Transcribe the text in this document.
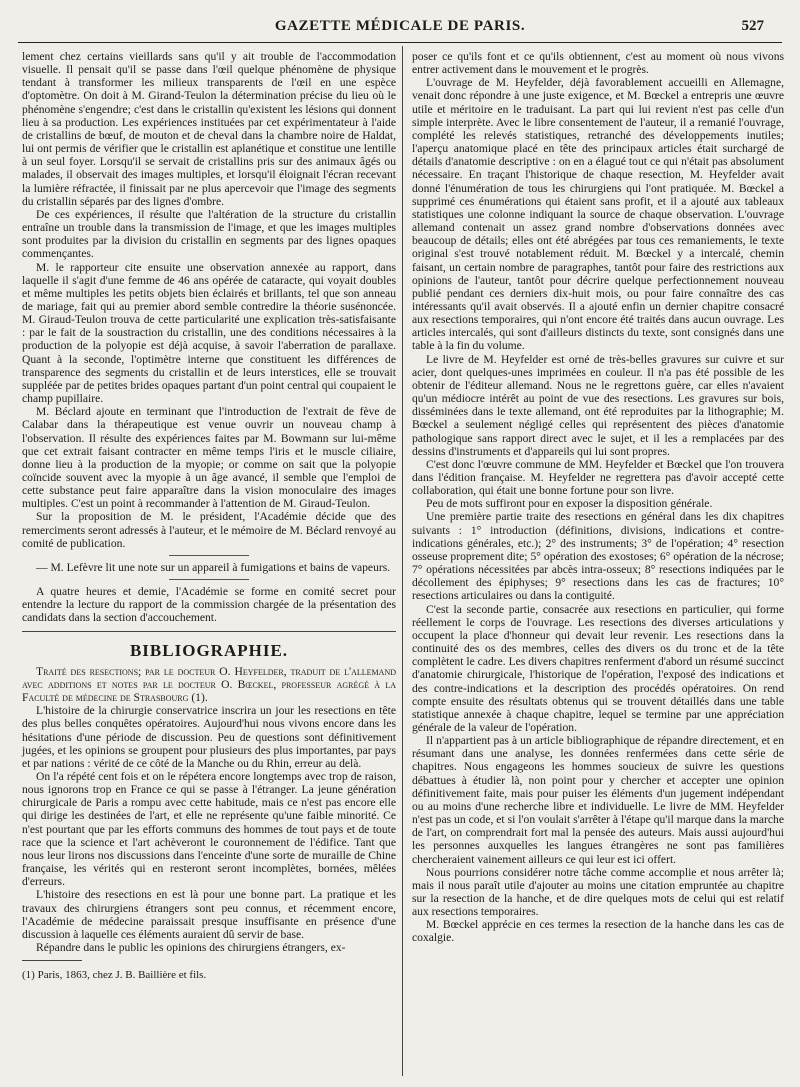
GAZETTE MÉDICALE DE PARIS.	527

lement chez certains vieillards sans qu'il y ait trouble de l'accommodation visuelle. Il pensait qu'il se passe dans l'œil quelque phénomène de physique tendant à transformer les milieux transparents de l'œil en une espèce d'optomètre. On doit à M. Girand-Teulon la détermination précise du lieu où le phénomène s'engendre; c'est dans le cristallin qu'existent les lésions qui donnent lieu à sa production. Les expériences instituées par cet expérimentateur à l'aide de cristallins de bœuf, de mouton et de cheval dans la chambre noire de Haldat, lui ont permis de vérifier que le cristallin est aplanétique et constitue une lentille à un seul foyer. Lorsqu'il se servait de cristallins pris sur des animaux âgés ou malades, il observait des images multiples, et lorsqu'il éloignait l'écran recevant la lumière réfractée, il finissait par ne plus apercevoir que l'image des segments du cristallin séparés par des lignes d'ombre.

De ces expériences, il résulte que l'altération de la structure du cristallin entraîne un trouble dans la transmission de l'image, et que les images multiples sont produites par la division du cristallin en segments par des lignes opaques commençantes.

M. le rapporteur cite ensuite une observation annexée au rapport, dans laquelle il s'agit d'une femme de 46 ans opérée de cataracte, qui voyait doubles et même multiples les petits objets bien éclairés et brillants, tel que son anneau de mariage, fait qui au premier abord semble contredire la théorie susénoncée. M. Giraud-Teulon trouva de cette particularité une explication très-satisfaisante : par le fait de la soustraction du cristallin, une des conditions nécessaires à la production de la polyopie est déjà acquise, à savoir l'aberration de parallaxe. Quant à la seconde, l'optimètre interne que constituent les différences de transparence des segments du cristallin et de leurs interstices, elle se trouvait suppléée par de petites brides opaques partant d'un point central qui coupaient le champ pupillaire.

M. Béclard ajoute en terminant que l'introduction de l'extrait de fève de Calabar dans la thérapeutique est venue ouvrir un nouveau champ à l'observation. Il résulte des expériences faites par M. Bowmann sur lui-même que cet extrait faisant contracter en même temps l'iris et le muscle ciliaire, donne lieu à la production de la myopie; or comme on sait que la polyopie coïncide souvent avec la myopie à un âge avancé, il semble que l'emploi de cette substance peut faire apparaître dans la vision monoculaire des images multiples. C'est un point à recommander à l'attention de M. Giraud-Teulon.

Sur la proposition de M. le président, l'Académie décide que des remerciments seront adressés à l'auteur, et le mémoire de M. Béclard renvoyé au comité de publication.

— M. Lefèvre lit une note sur un appareil à fumigations et bains de vapeurs.

A quatre heures et demie, l'Académie se forme en comité secret pour entendre la lecture du rapport de la commission chargée de la présentation des candidats dans la section d'accouchement.

BIBLIOGRAPHIE.

Traité des resections; par le docteur O. Heyfelder, traduit de l'allemand avec additions et notes par le docteur O. Bœckel, professeur agrégé à la Faculté de médecine de Strasbourg (1).

L'histoire de la chirurgie conservatrice inscrira un jour les resections en tête des plus belles conquêtes opératoires. Aujourd'hui nous vivons encore dans les hésitations d'une période de discussion. Peu de questions sont définitivement jugées, et les opinions se groupent pour plusieurs des plus importantes, par pays et par nations : vérité de ce côté de la Manche ou du Rhin, erreur au delà.

On l'a répété cent fois et on le répétera encore longtemps avec trop de raison, nous ignorons trop en France ce qui se passe à l'étranger. La jeune génération chirurgicale de Paris a rompu avec cette habitude, mais ce n'est pas encore elle qui dirige les destinées de l'art, et elle ne représente qu'une faible minorité. Ce n'est pourtant que par les efforts communs des hommes de tout pays et de toute race que la science et l'art achèveront le couronnement de l'édifice. Tant que nous leur lirons nos discussions dans l'enceinte d'une sorte de muraille de Chine française, les vérités qui en resteront seront incomplètes, bornées, mêlées d'erreurs.

L'histoire des resections en est là pour une bonne part. La pratique et les travaux des chirurgiens étrangers sont peu connus, et récemment encore, l'Académie de médecine paraissait presque insuffisante en présence d'une discussion à laquelle ces éléments auraient dû servir de base.

Répandre dans le public les opinions des chirurgiens étrangers, ex-

(1) Paris, 1863, chez J. B. Baillière et fils.

poser ce qu'ils font et ce qu'ils obtiennent, c'est au moment où nous vivons entrer activement dans le mouvement et le progrès.

L'ouvrage de M. Heyfelder, déjà favorablement accueilli en Allemagne, venait donc répondre à une juste exigence, et M. Bœckel a entrepris une œuvre utile et méritoire en le traduisant. La part qui lui revient n'est pas celle d'un simple interprète. Avec le libre consentement de l'auteur, il a remanié l'ouvrage, complété les relevés statistiques, retranché des développements inutiles; l'aperçu anatomique placé en tête des principaux articles était surchargé de détails d'anatomie descriptive : on en a élagué tout ce qui n'était pas absolument nécessaire. En traçant l'historique de chaque resection, M. Heyfelder avait donné l'énumération de tous les chirurgiens qui l'ont pratiquée. M. Bœckel a supprimé ces énumérations qui étaient sans profit, et il a ajouté aux tableaux statistiques une colonne indiquant la source de chaque observation. L'ouvrage allemand contenait un assez grand nombre d'observations données avec beaucoup de détails; elles ont été abrégées par tous ces remaniements, le texte original s'est trouvé notablement réduit. M. Bœckel y a intercalé, chemin faisant, un certain nombre de paragraphes, tantôt pour faire des restrictions aux opinions de l'auteur, tantôt pour décrire quelque perfectionnement nouveau publié pendant ces derniers dix-huit mois, ou pour faire connaître des cas intéressants qu'il avait observés. Il a ajouté enfin un dernier chapitre consacré aux resections temporaires, qui n'ont encore été traités dans aucun ouvrage. Les articles intercalés, qui sont d'ailleurs distincts du texte, sont consignés dans une table à la fin du volume.

Le livre de M. Heyfelder est orné de très-belles gravures sur cuivre et sur acier, dont quelques-unes imprimées en couleur. Il n'a pas été possible de les obtenir de l'éditeur allemand. Nous ne le regrettons guère, car elles n'avaient qu'un médiocre intérêt au point de vue des resections. Les gravures sur bois, disséminées dans le texte allemand, ont été reproduites par la lithographie; M. Bœckel a seulement négligé celles qui représentent des pièces d'anatomie pathologique sans rapport direct avec le sujet, et il les a remplacées par des dessins d'instruments et d'appareils qui lui sont propres.

C'est donc l'œuvre commune de MM. Heyfelder et Bœckel que l'on trouvera dans l'édition française. M. Heyfelder ne regrettera pas d'avoir accepté cette collaboration, qui était une bonne fortune pour son livre.

Peu de mots suffiront pour en exposer la disposition générale.

Une première partie traite des resections en général dans les dix chapitres suivants : 1° introduction (définitions, divisions, indications et contre-indications générales, etc.); 2° des instruments; 3° de l'opération; 4° resection osseuse proprement dite; 5° opération des exostoses; 6° opération de la nécrose; 7° opérations nécessitées par abcès intra-osseux; 8° resections indiquées par le décollement des épiphyses; 9° resections dans les cas de fractures; 10° resections articulaires ou dans la contiguité.

C'est la seconde partie, consacrée aux resections en particulier, qui forme réellement le corps de l'ouvrage. Les resections des diverses articulations y occupent la place d'honneur qui devait leur revenir. Les resections dans la continuité des os des membres, celles des divers os du tronc et de la tête complètent le cadre. Les divers chapitres renferment d'abord un résumé succinct d'anatomie chirurgicale, l'historique de l'opération, l'exposé des indications et des contre-indications et la description des procédés opératoires. On rend compte ensuite des résultats obtenus qui se trouvent détaillés dans une table statistique annexée à chaque chapitre, lequel se termine par une appréciation générale de la valeur de l'opération.

Il n'appartient pas à un article bibliographique de répandre directement, et en résumant dans une analyse, les données renfermées dans cette série de chapitres. Nous engageons les hommes soucieux de suivre les questions débattues à étudier là, non point pour y chercher et accepter une opinion définitivement faite, mais pour puiser les éléments d'un jugement indépendant ou au moins d'une recherche libre et individuelle. Le livre de MM. Heyfelder n'est pas un code, et si l'on voulait s'arrêter à l'étape qu'il marque dans la marche de l'art, on comprendrait fort mal la pensée des auteurs. Mais aussi aujourd'hui les personnes auxquelles les langues étrangères ne sont pas familières chercheraient vainement ailleurs ce qui leur est ici offert.

Nous pourrions considérer notre tâche comme accomplie et nous arrêter là; mais il nous paraît utile d'ajouter au moins une citation empruntée au chapitre sur la resection de la hanche, et de dire quelques mots de celui qui est relatif aux resections temporaires.

M. Bœckel apprécie en ces termes la resection de la hanche dans les cas de coxalgie.
